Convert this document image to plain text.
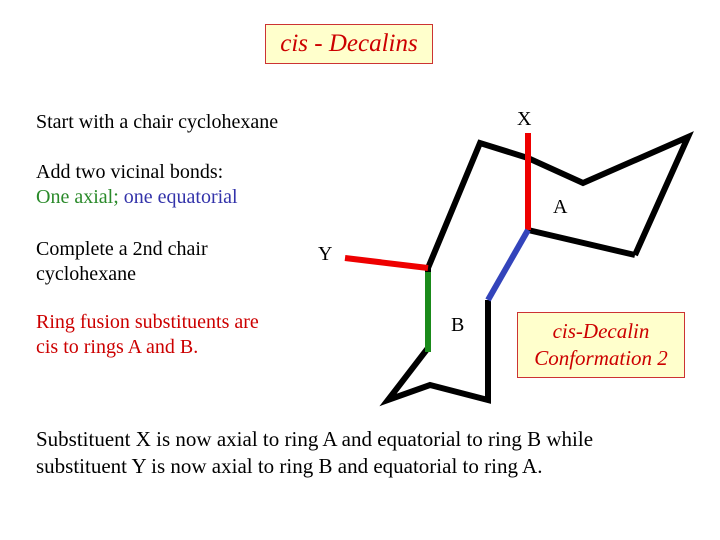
cis - Decalins
Start with a chair cyclohexane
Add two vicinal bonds:
One axial; one equatorial
Complete a 2nd chair
cyclohexane
Ring fusion substituents are
cis to rings A and B.
X
A
Y
B	cis-Decalin
Conformation 2
Substituent X is now axial to ring A and equatorial to ring B while
substituent Y is now axial to ring B and equatorial to ring A.
